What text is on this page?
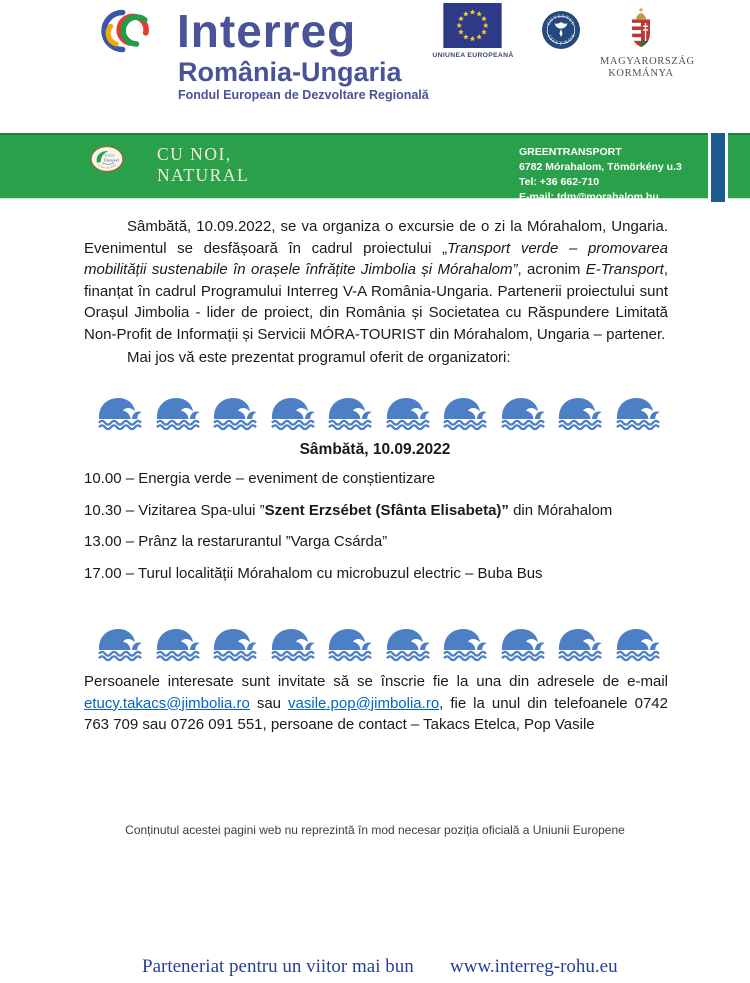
Interreg
România-Ungaria
Fondul European de Dezvoltare Regională
UNIUNEA EUROPEANĂ
GUVERNUL
ROMÂNIEI
MAGYARORSZÁG
KORMÁNYA
Green
Transport
CU NOI, NATURAL
CU NOI,
NATURAL
GREENTRANSPORT
6782 Mórahalom, Tömörkény u.3
Tel: +36 662-710
E-mail: tdm@morahalom.hu

Sâmbătă, 10.09.2022, se va organiza o excursie de o zi la Mórahalom, Ungaria. Evenimentul se desfășoară în cadrul proiectului „Transport verde – promovarea mobilității sustenabile în orașele înfrățite Jimbolia și Mórahalom”, acronim E-Transport, finanțat în cadrul Programului Interreg V-A România-Ungaria. Partenerii proiectului sunt Orașul Jimbolia - lider de proiect, din România și Societatea cu Răspundere Limitată Non-Profit de Informații și Servicii MÓRA-TOURIST din Mórahalom, Ungaria – partener.

Mai jos vă este prezentat programul oferit de organizatori:

Sâmbătă, 10.09.2022
10.00 – Energia verde – eveniment de conștientizare
10.30 – Vizitarea Spa-ului ”Szent Erzsébet (Sfânta Elisabeta)” din Mórahalom
13.00 – Prânz la restarurantul ”Varga Csárda”
17.00 – Turul localității Mórahalom cu microbuzul electric – Buba Bus

Persoanele interesate sunt invitate să se înscrie fie la una din adresele de e-mail etucy.takacs@jimbolia.ro sau vasile.pop@jimbolia.ro, fie la unul din telefoanele 0742 763 709 sau 0726 091 551, persoane de contact – Takacs Etelca, Pop Vasile

Conținutul acestei pagini web nu reprezintă în mod necesar poziția oficială a Uniunii Europene
Parteneriat pentru un viitor mai bun www.interreg-rohu.eu
